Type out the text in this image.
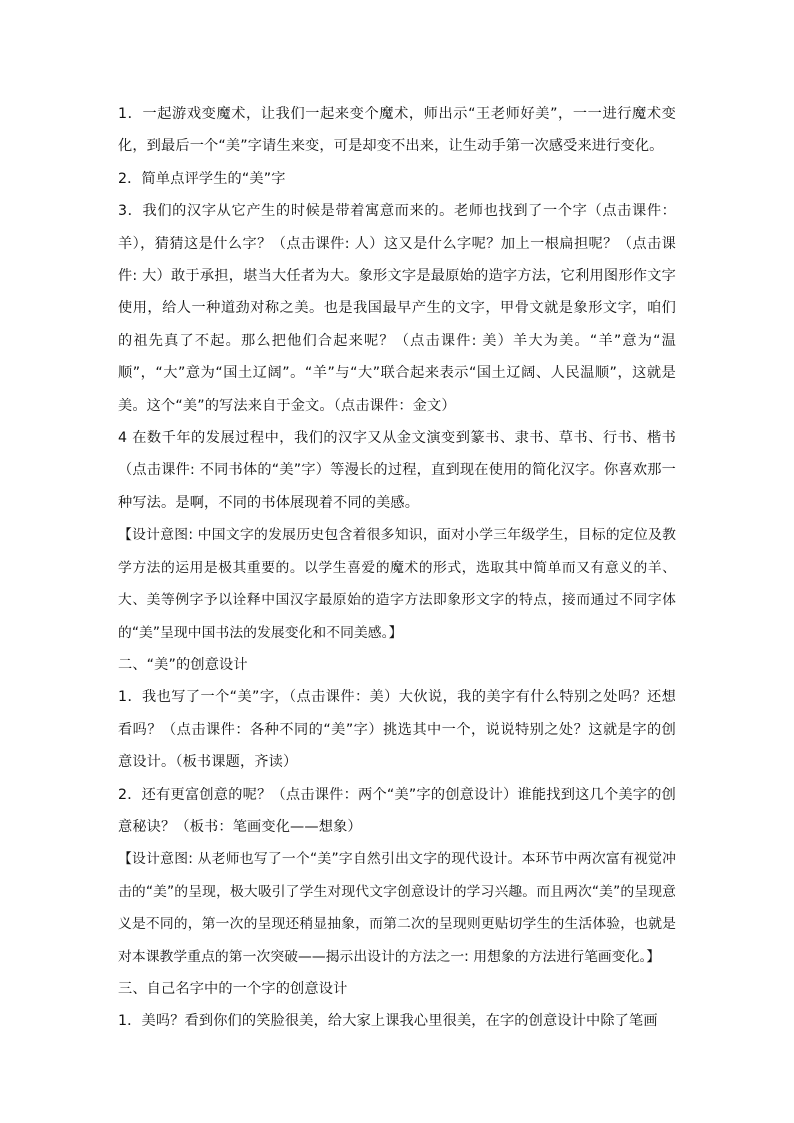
1．一起游戏变魔术，让我们一起来变个魔术，师出示“王老师好美”，一一进行魔术变化，到最后一个“美”字请生来变，可是却变不出来，让生动手第一次感受来进行变化。

2．简单点评学生的“美”字

3．我们的汉字从它产生的时候是带着寓意而来的。老师也找到了一个字（点击课件：羊），猜猜这是什么字？（点击课件: 人）这又是什么字呢？加上一根扁担呢？（点击课件: 大）敢于承担，堪当大任者为大。象形文字是最原始的造字方法，它利用图形作文字使用，给人一种道劲对称之美。也是我国最早产生的文字，甲骨文就是象形文字，咱们的祖先真了不起。那么把他们合起来呢？（点击课件: 美）羊大为美。“羊”意为“温顺”，“大”意为“国土辽阔”。“羊”与“大”联合起来表示“国土辽阔、人民温顺”，这就是美。这个“美”的写法来自于金文。（点击课件：金文）

4 在数千年的发展过程中，我们的汉字又从金文演变到篆书、隶书、草书、行书、楷书（点击课件: 不同书体的“美”字）等漫长的过程，直到现在使用的简化汉字。你喜欢那一种写法。是啊，不同的书体展现着不同的美感。

【设计意图: 中国文字的发展历史包含着很多知识，面对小学三年级学生，目标的定位及教学方法的运用是极其重要的。以学生喜爱的魔术的形式，选取其中简单而又有意义的羊、大、美等例字予以诠释中国汉字最原始的造字方法即象形文字的特点，接而通过不同字体的“美”呈现中国书法的发展变化和不同美感。】

二、“美”的创意设计

1．我也写了一个“美”字，（点击课件：美）大伙说，我的美字有什么特别之处吗？还想看吗？（点击课件：各种不同的“美”字）挑选其中一个，说说特别之处？这就是字的创意设计。（板书课题，齐读）

2．还有更富创意的呢？（点击课件：两个“美”字的创意设计）谁能找到这几个美字的创意秘诀？（板书：笔画变化——想象）

【设计意图: 从老师也写了一个“美”字自然引出文字的现代设计。本环节中两次富有视觉冲击的“美”的呈现，极大吸引了学生对现代文字创意设计的学习兴趣。而且两次“美”的呈现意义是不同的，第一次的呈现还稍显抽象，而第二次的呈现则更贴切学生的生活体验，也就是对本课教学重点的第一次突破——揭示出设计的方法之一: 用想象的方法进行笔画变化。】

三、自己名字中的一个字的创意设计

1．美吗？看到你们的笑脸很美，给大家上课我心里很美，在字的创意设计中除了笔画
